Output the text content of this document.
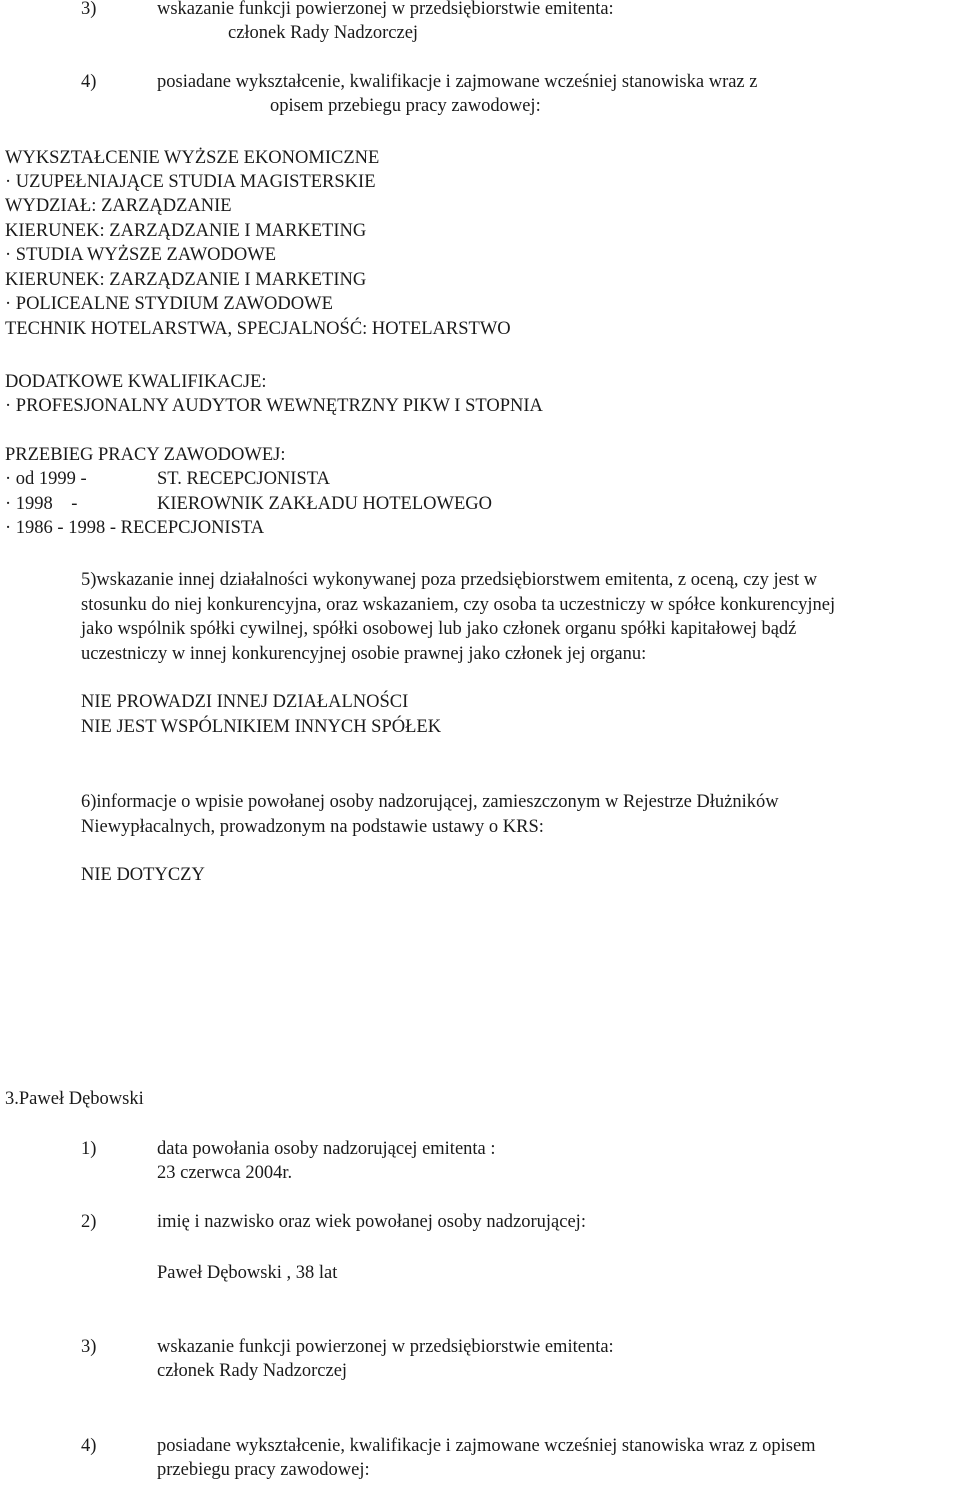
3)	wskazanie funkcji powierzonej w przedsiębiorstwie emitenta:

członek Rady Nadzorczej

4)	posiadane wykształcenie, kwalifikacje i zajmowane wcześniej stanowiska wraz z

opisem przebiegu pracy zawodowej:

WYKSZTAŁCENIE WYŻSZE EKONOMICZNE

· UZUPEŁNIAJĄCE STUDIA MAGISTERSKIE

WYDZIAŁ: ZARZĄDZANIE

KIERUNEK: ZARZĄDZANIE I MARKETING

· STUDIA WYŻSZE ZAWODOWE

KIERUNEK: ZARZĄDZANIE I MARKETING

· POLICEALNE STYDIUM ZAWODOWE

TECHNIK HOTELARSTWA, SPECJALNOŚĆ: HOTELARSTWO

DODATKOWE KWALIFIKACJE:

· PROFESJONALNY AUDYTOR WEWNĘTRZNY PIKW I STOPNIA

PRZEBIEG PRACY ZAWODOWEJ:

· od 1999 -	ST. RECEPCJONISTA

· 1998    -	KIEROWNIK ZAKŁADU HOTELOWEGO

· 1986 - 1998 - RECEPCJONISTA

5)wskazanie innej działalności wykonywanej poza przedsiębiorstwem emitenta, z oceną, czy jest w

stosunku do niej konkurencyjna, oraz wskazaniem, czy osoba ta uczestniczy w spółce konkurencyjnej

jako wspólnik spółki cywilnej, spółki osobowej lub jako członek organu spółki kapitałowej bądź

uczestniczy w innej konkurencyjnej osobie prawnej jako członek jej organu:

NIE PROWADZI INNEJ DZIAŁALNOŚCI

NIE JEST WSPÓLNIKIEM INNYCH SPÓŁEK

6)informacje o wpisie powołanej osoby nadzorującej, zamieszczonym w Rejestrze Dłużników

Niewypłacalnych, prowadzonym na podstawie ustawy o KRS:

NIE DOTYCZY

3.Paweł Dębowski

1)	data powołania osoby nadzorującej emitenta :

23 czerwca 2004r.

2)	imię i nazwisko oraz wiek powołanej osoby nadzorującej:

Paweł Dębowski , 38 lat

3)	wskazanie funkcji powierzonej w przedsiębiorstwie emitenta:

członek Rady Nadzorczej

4)	posiadane wykształcenie, kwalifikacje i zajmowane wcześniej stanowiska wraz z opisem

przebiegu pracy zawodowej:
